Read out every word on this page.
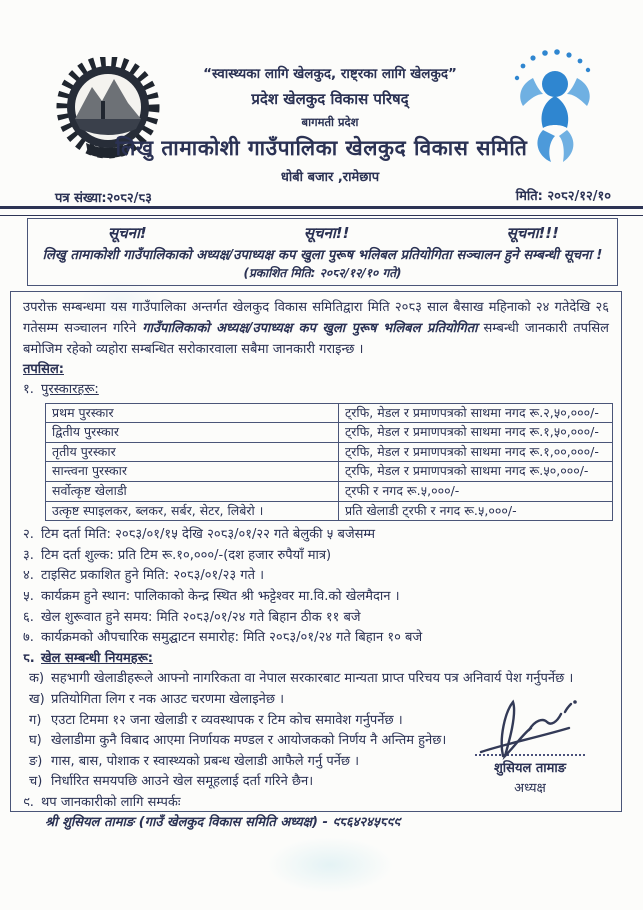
“स्वास्थ्यका लागि खेलकुद, राष्ट्रका लागि खेलकुद”
प्रदेश खेलकुद विकास परिषद्
बागमती प्रदेश
लिखु तामाकोशी गाउँपालिका खेलकुद विकास समिति
धोबी बजार ,रामेछाप
पत्र संख्या:२०८२/८३	मिति: २०८२/१२/१०
सूचना!	सूचना!!	सूचना!!!
लिखु तामाकोशी गाउँपालिकाको अध्यक्ष/उपाध्यक्ष कप खुला पुरूष भलिबल प्रतियोगिता सञ्चालन हुने सम्बन्धी सूचना !
(प्रकाशित मिति: २०८२/१२/१० गते)
उपरोक्त सम्बन्धमा यस गाउँपालिका अन्तर्गत खेलकुद विकास समितिद्वारा मिति २०८३ साल बैसाख महिनाको २४ गतेदेखि २६ गतेसम्म सञ्चालन गरिने गाउँपालिकाको अध्यक्ष/उपाध्यक्ष कप खुला पुरूष भलिबल प्रतियोगिता सम्बन्धी जानकारी तपसिल बमोजिम रहेको व्यहोरा सम्बन्धित सरोकारवाला सबैमा जानकारी गराइन्छ ।
तपसिल:
१. पुरस्कारहरू:
प्रथम पुरस्कार	ट्रफि, मेडल र प्रमाणपत्रको साथमा नगद रू.२,५०,०००/-
द्वितीय पुरस्कार	ट्रफि, मेडल र प्रमाणपत्रको साथमा नगद रू.१,५०,०००/-
तृतीय पुरस्कार	ट्रफि, मेडल र प्रमाणपत्रको साथमा नगद रू.१,००,०००/-
सान्त्वना पुरस्कार	ट्रफि, मेडल र प्रमाणपत्रको साथमा नगद रू.५०,०००/-
सर्वोत्कृष्ट खेलाडी	ट्रफी र नगद रू.५,०००/-
उत्कृष्ट स्पाइलकर, ब्लकर, सर्बर, सेटर, लिबेरो ।	प्रति खेलाडी ट्रफी र नगद रू.५,०००/-
२. टिम दर्ता मिति: २०८३/०१/१५ देखि २०८३/०१/२२ गते बेलुकी ५ बजेसम्म
३. टिम दर्ता शुल्क: प्रति टिम रू.१०,०००/-(दश हजार रुपैयाँ मात्र)
४. टाइसिट प्रकाशित हुने मिति: २०८३/०१/२३ गते ।
५. कार्यक्रम हुने स्थान: पालिकाको केन्द्र स्थित श्री झट्टेश्वर मा.वि.को खेलमैदान ।
६. खेल शुरूवात हुने समय: मिति २०८३/०१/२४ गते बिहान ठीक ११ बजे
७. कार्यक्रमको औपचारिक समुद्घाटन समारोह: मिति २०८३/०१/२४ गते बिहान १० बजे
८. खेल सम्बन्धी नियमहरू:
क) सहभागी खेलाडीहरूले आफ्नो नागरिकता वा नेपाल सरकारबाट मान्यता प्राप्त परिचय पत्र अनिवार्य पेश गर्नुपर्नेछ ।
ख) प्रतियोगिता लिग र नक आउट चरणमा खेलाइनेछ ।
ग) एउटा टिममा १२ जना खेलाडी र व्यवस्थापक र टिम कोच समावेश गर्नुपर्नेछ ।
घ) खेलाडीमा कुनै विबाद आएमा निर्णायक मण्डल र आयोजकको निर्णय नै अन्तिम हुनेछ।
ङ) गास, बास, पोशाक र स्वास्थ्यको प्रबन्ध खेलाडी आफैले गर्नु पर्नेछ ।
च) निर्धारित समयपछि आउने खेल समूहलाई दर्ता गरिने छैन।
९. थप जानकारीको लागि सम्पर्कः
श्री शुसियल तामाङ (गाउँ खेलकुद विकास समिति अध्यक्ष) - ९८६४२४५८९९
शुसियल तामाङ
अध्यक्ष
